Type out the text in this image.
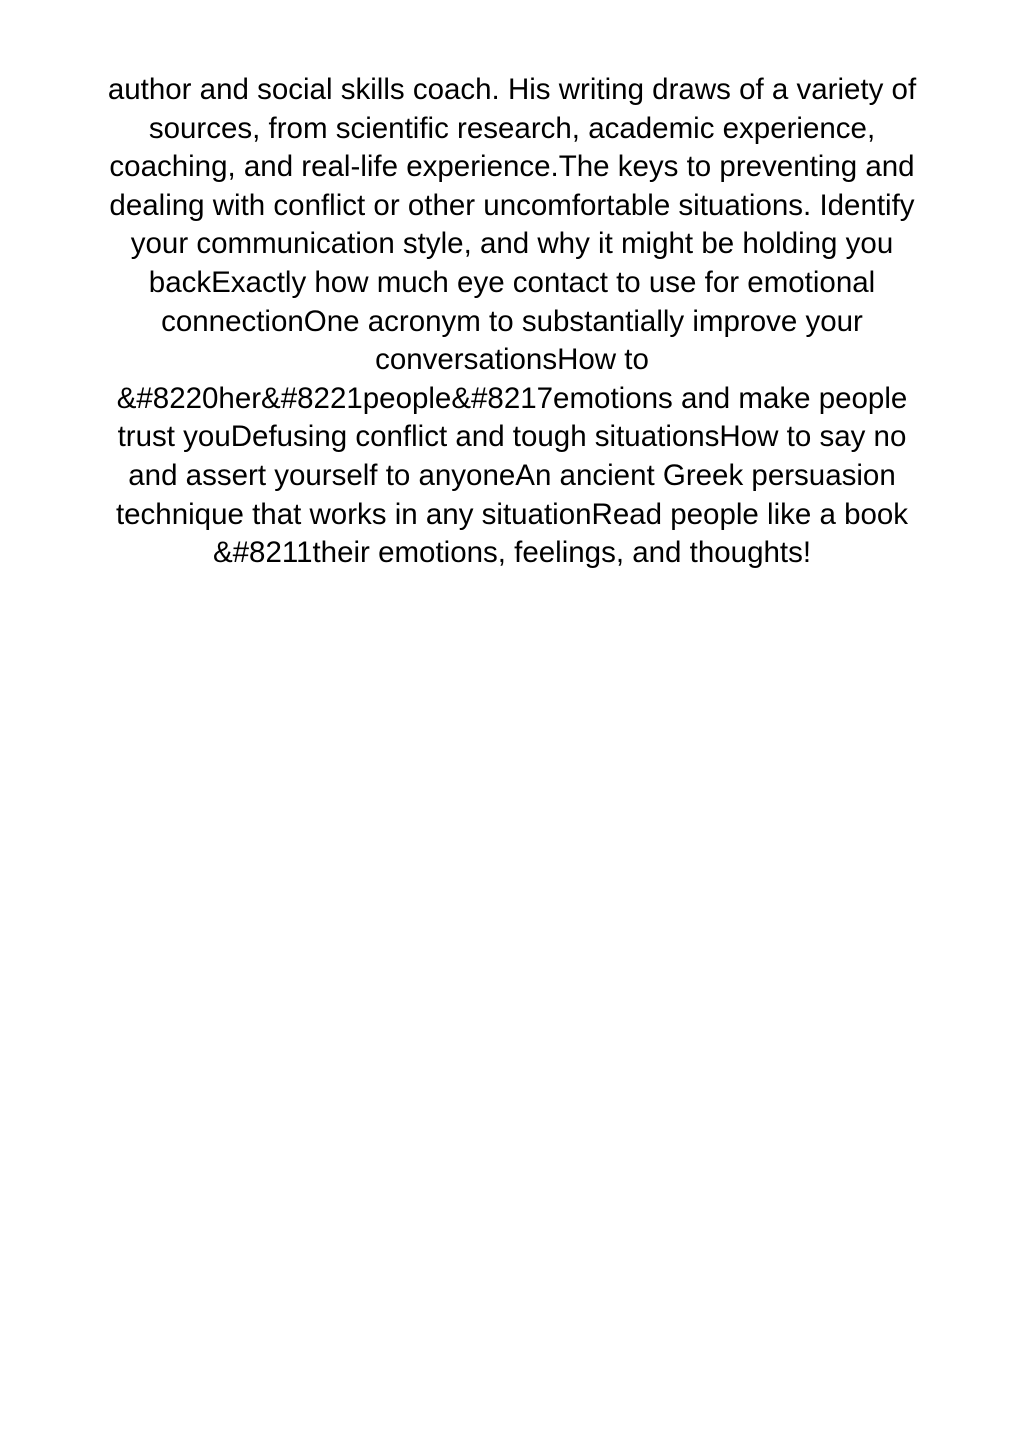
author and social skills coach. His writing draws of a variety of
sources, from scientific research, academic experience,
coaching, and real-life experience.The keys to preventing and
dealing with conflict or other uncomfortable situations. Identify
your communication style, and why it might be holding you
backExactly how much eye contact to use for emotional
connectionOne acronym to substantially improve your
conversationsHow to
&#8220her&#8221people&#8217emotions and make people
trust youDefusing conflict and tough situationsHow to say no
and assert yourself to anyoneAn ancient Greek persuasion
technique that works in any situationRead people like a book
&#8211their emotions, feelings, and thoughts!
